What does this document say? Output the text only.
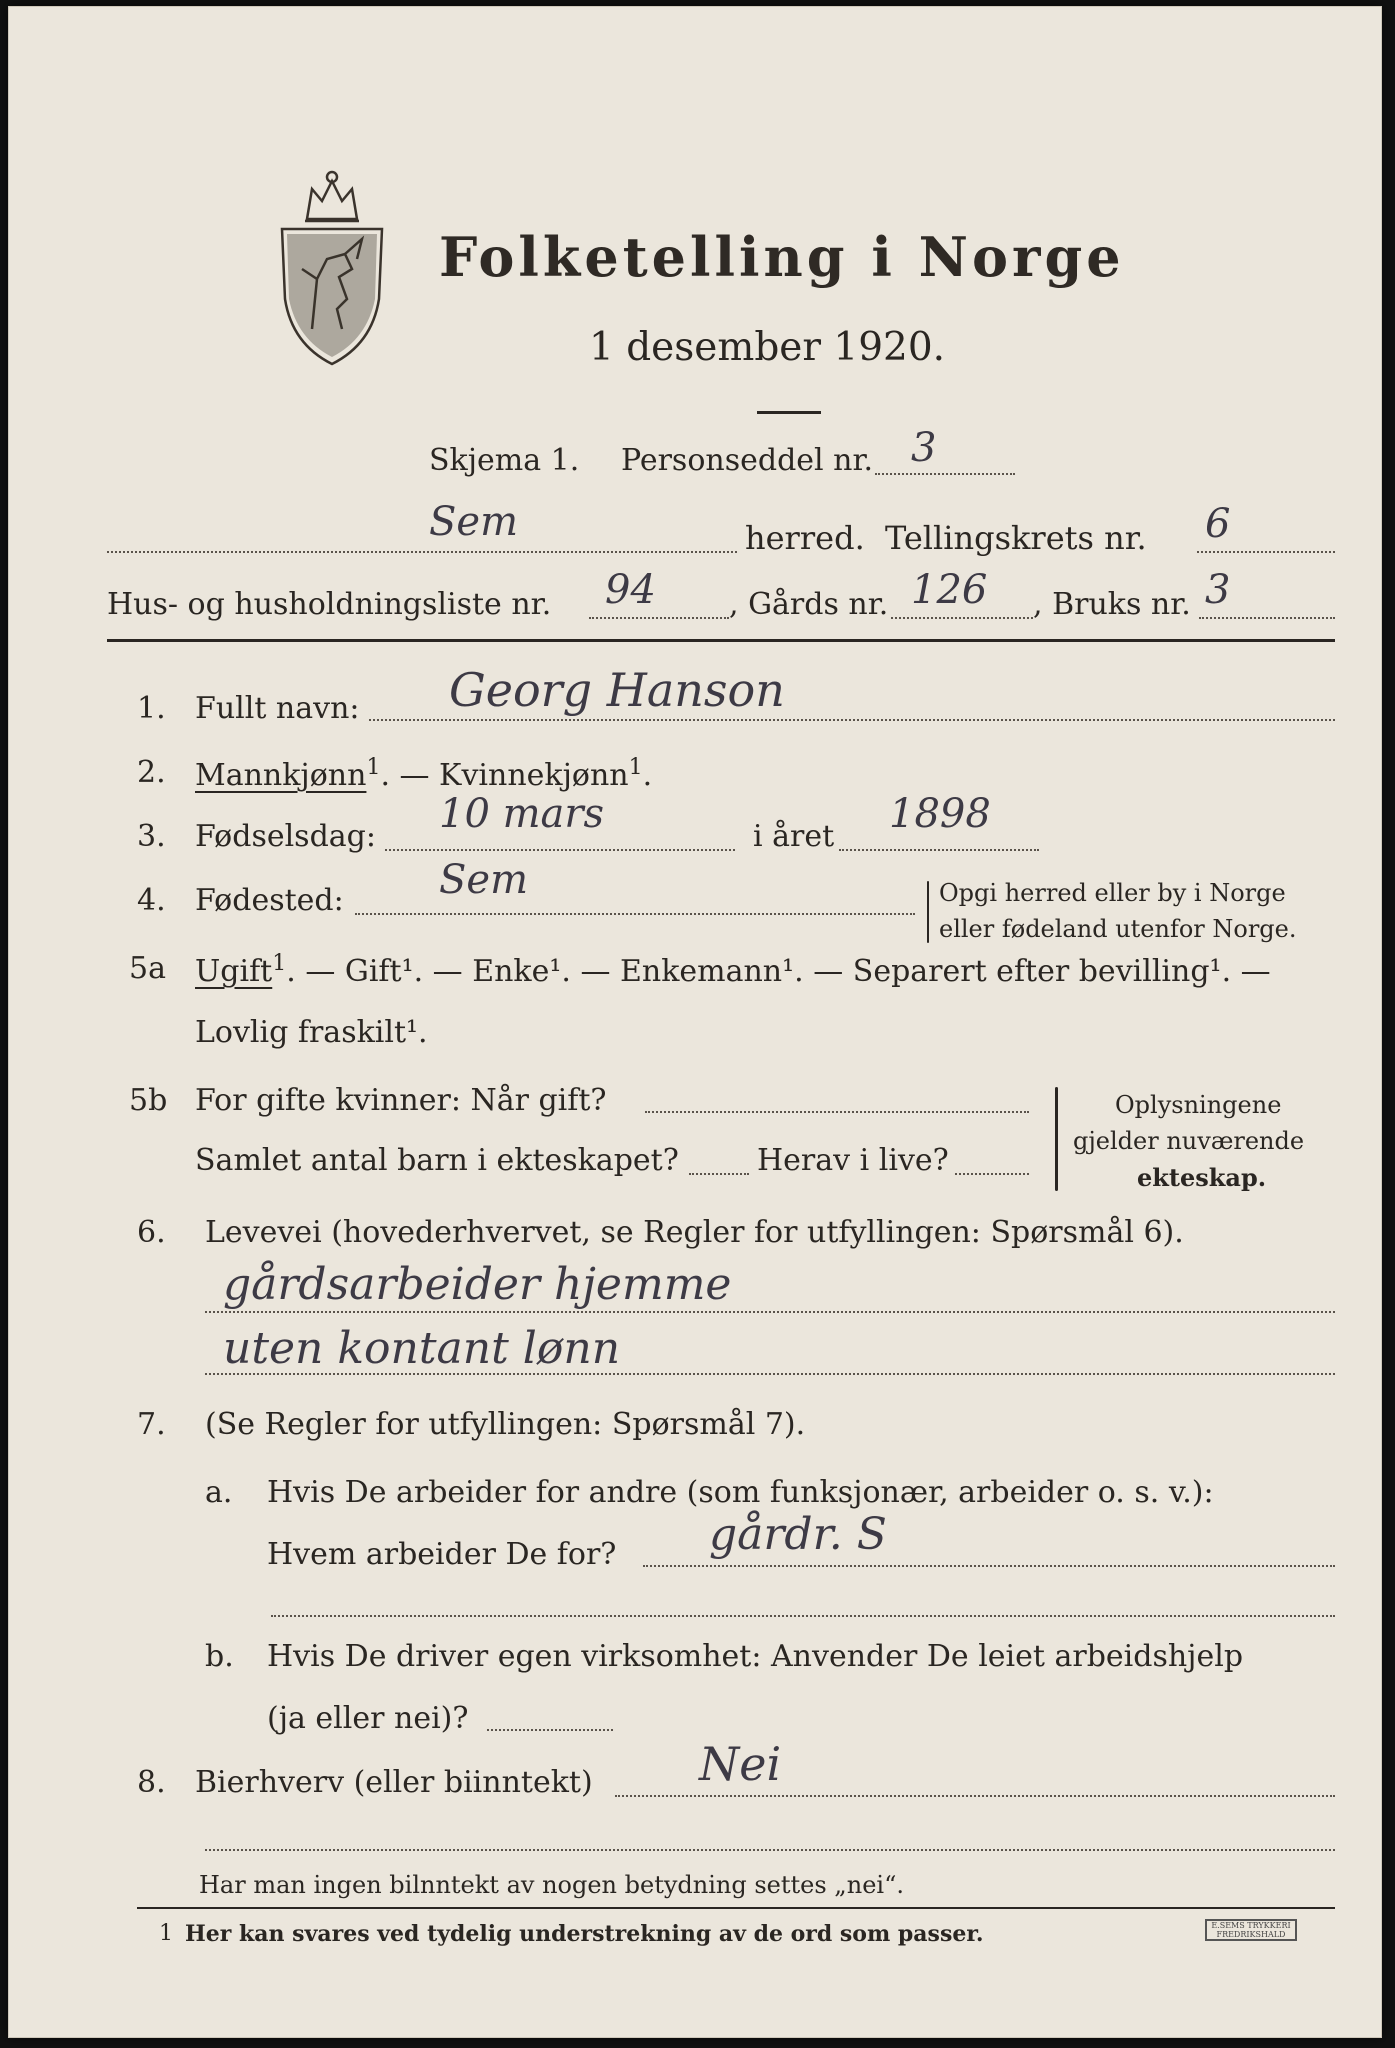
Folketelling i Norge
1 desember 1920.
Skjema 1. Personseddel nr. 3
Sem	herred. Tellingskrets nr. 6
Hus- og husholdningsliste nr. 94 , Gårds nr. 126 , Bruks nr. 3
1. Fullt navn: Georg Hanson
2. Mannkjønn$^1$. — Kvinnekjønn$^1$.
3. Fødselsdag: 10 mars	i året 1898
4. Fødested: Sem	Opgi herred eller by i Norge
eller fødeland utenfor Norge.
5a Ugift$^1$. — Gift¹. — Enke¹. — Enkemann¹. — Separert efter bevilling¹. —
Lovlig fraskilt¹.
5b For gifte kvinner: Når gift?
Samlet antal barn i ekteskapet?	Herav i live?
Oplysningene
gjelder nuværende
ekteskap.
6. Levevei (hovederhvervet, se Regler for utfyllingen: Spørsmål 6).
gårdsarbeider hjemme
uten kontant lønn
7. (Se Regler for utfyllingen: Spørsmål 7).
a. Hvis De arbeider for andre (som funksjonær, arbeider o. s. v.):
Hvem arbeider De for? gårdr. S
b. Hvis De driver egen virksomhet: Anvender De leiet arbeidshjelp
(ja eller nei)?
8. Bierhverv (eller biinntekt) Nei
Har man ingen bilnntekt av nogen betydning settes „nei“.
1 Her kan svares ved tydelig understrekning av de ord som passer.	E.SEMS TRYKKERI FREDRIKSHALD
